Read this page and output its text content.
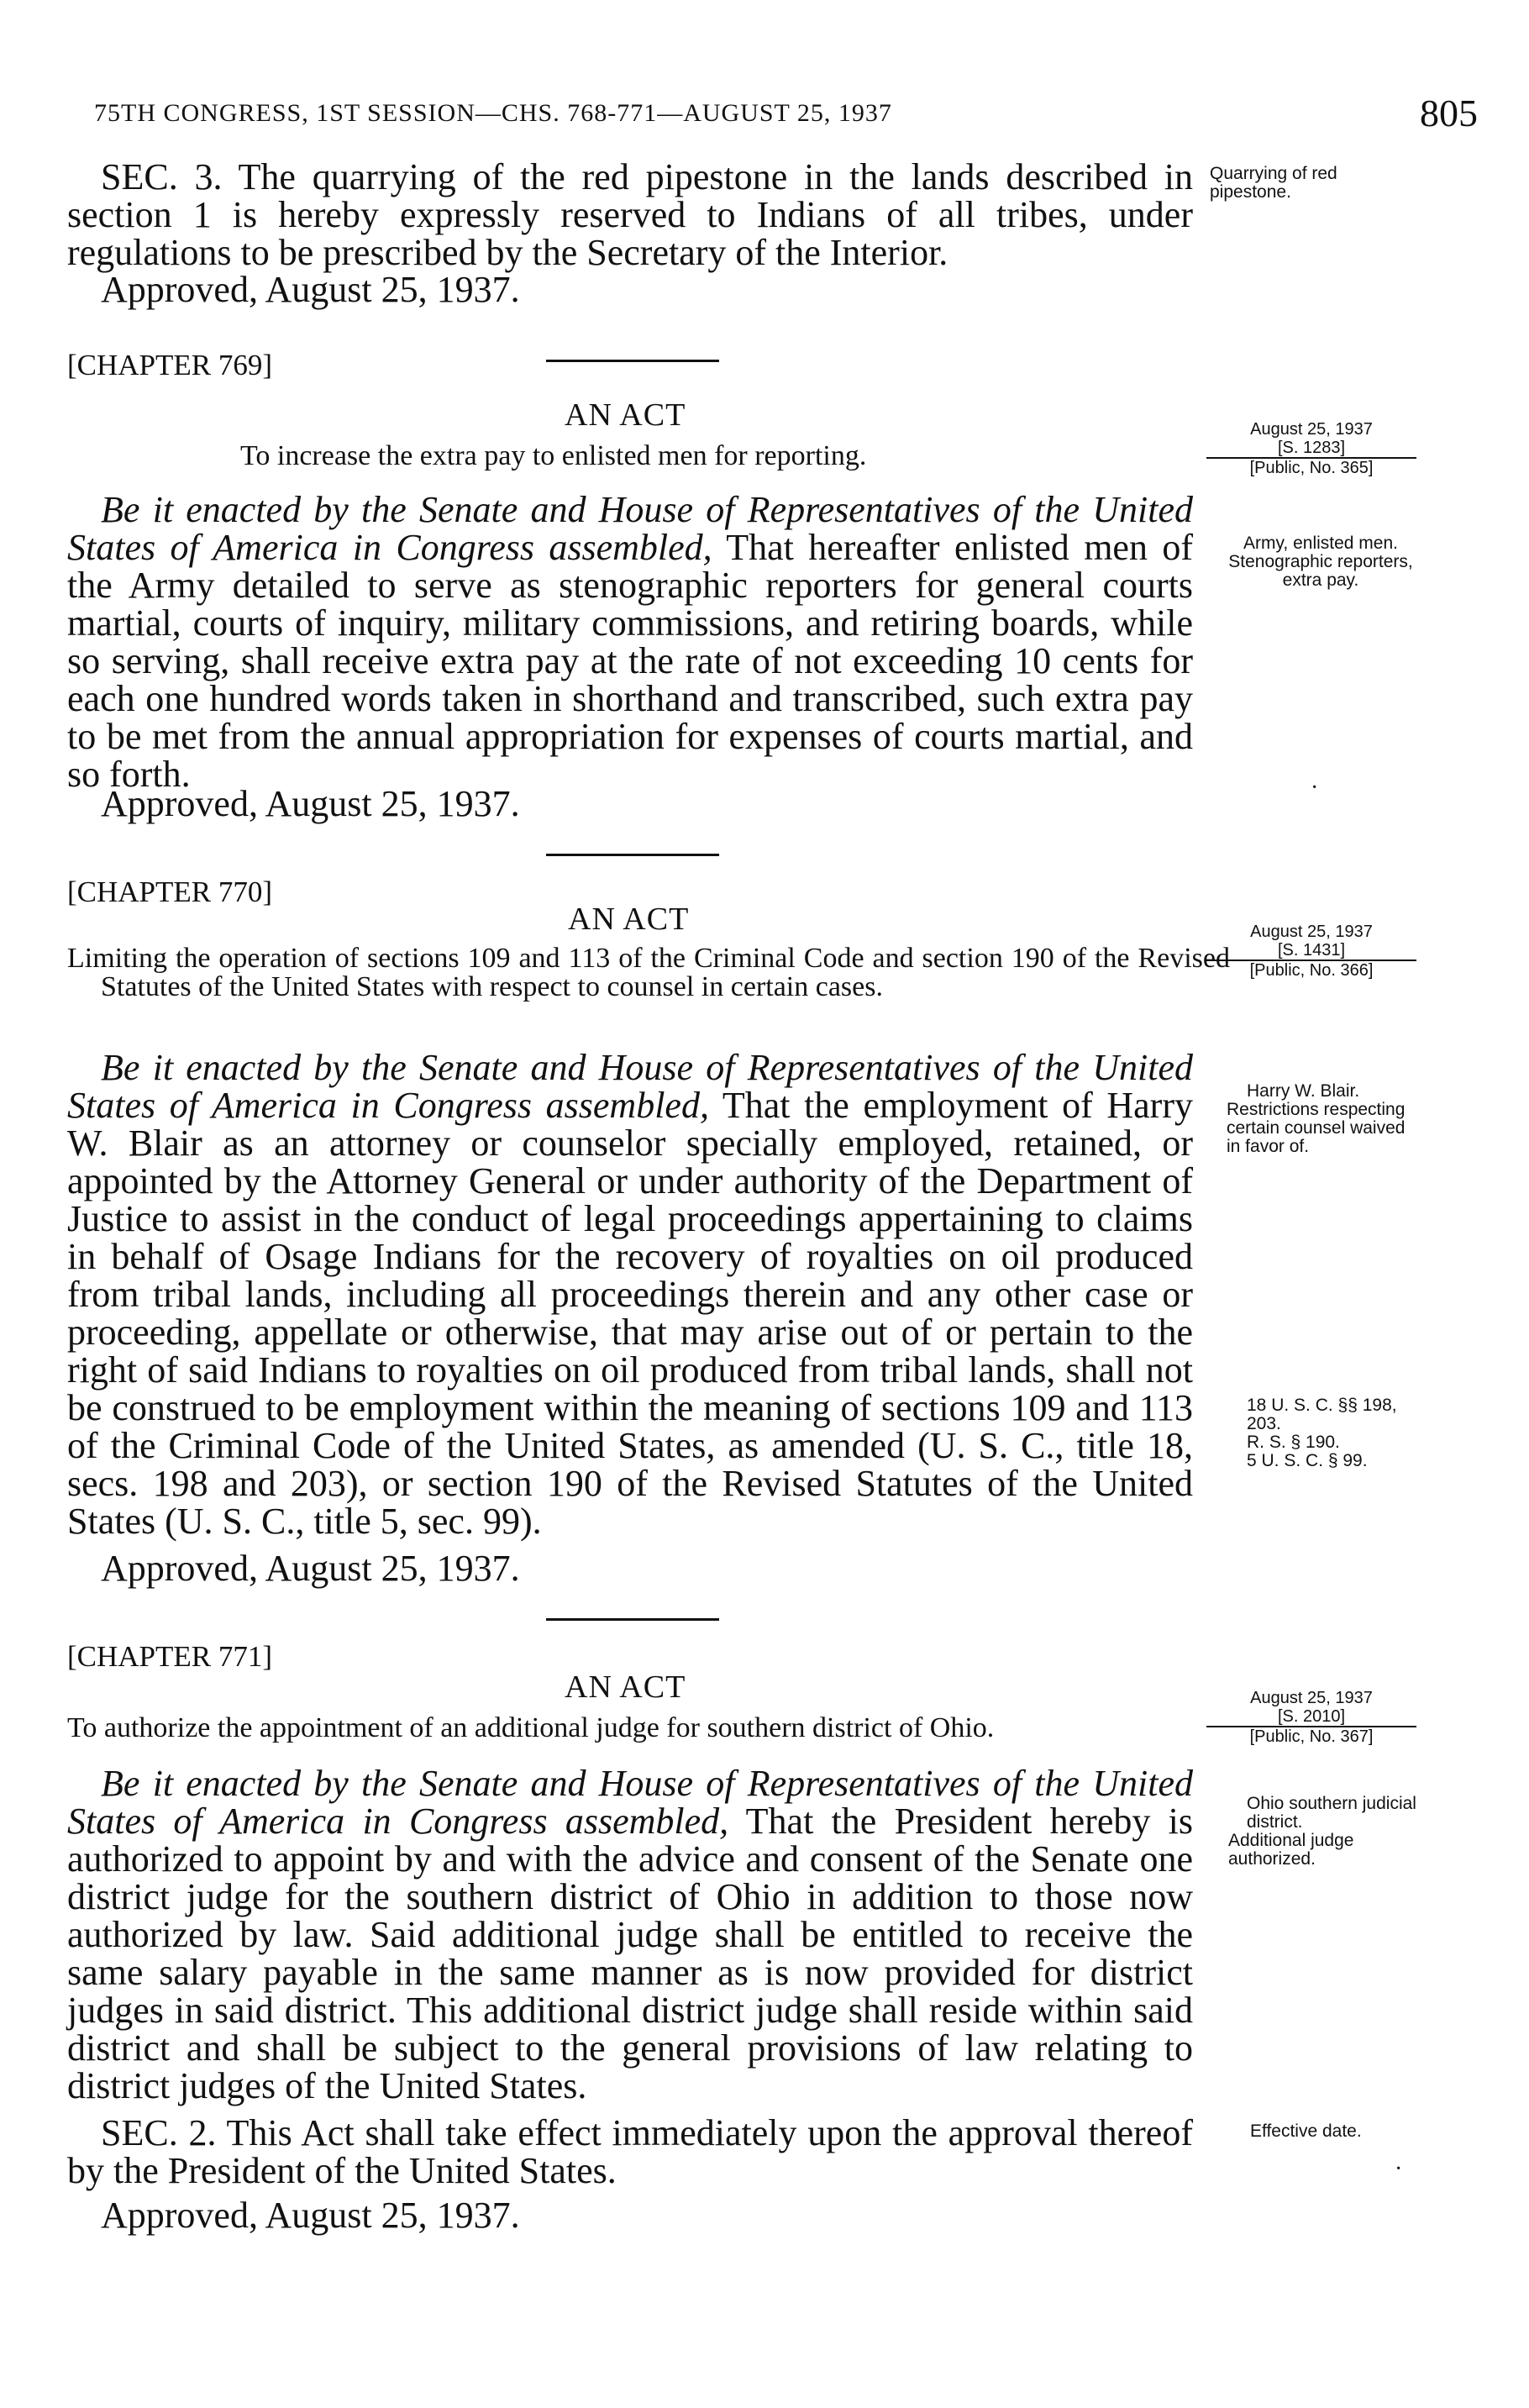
75TH CONGRESS, 1ST SESSION—CHS. 768-771—AUGUST 25, 1937	805

SEC. 3. The quarrying of the red pipestone in the lands described in section 1 is hereby expressly reserved to Indians of all tribes, under regulations to be prescribed by the Secretary of the Interior.

Approved, August 25, 1937.
Quarrying of red pipestone.
[CHAPTER 769]
AN ACT

To increase the extra pay to enlisted men for reporting.

August 25, 1937
[S. 1283]
[Public, No. 365]

Be it enacted by the Senate and House of Representatives of the United States of America in Congress assembled, That hereafter enlisted men of the Army detailed to serve as stenographic reporters for general courts martial, courts of inquiry, military commissions, and retiring boards, while so serving, shall receive extra pay at the rate of not exceeding 10 cents for each one hundred words taken in shorthand and transcribed, such extra pay to be met from the annual appropriation for expenses of courts martial, and so forth.

Approved, August 25, 1937.
Army, enlisted men.
Stenographic reporters, extra pay.
·
[CHAPTER 770]
AN ACT

Limiting the operation of sections 109 and 113 of the Criminal Code and section 190 of the Revised Statutes of the United States with respect to counsel in certain cases.

August 25, 1937
[S. 1431]
[Public, No. 366]

Be it enacted by the Senate and House of Representatives of the United States of America in Congress assembled, That the employment of Harry W. Blair as an attorney or counselor specially employed, retained, or appointed by the Attorney General or under authority of the Department of Justice to assist in the conduct of legal proceedings appertaining to claims in behalf of Osage Indians for the recovery of royalties on oil produced from tribal lands, including all proceedings therein and any other case or proceeding, appellate or otherwise, that may arise out of or pertain to the right of said Indians to royalties on oil produced from tribal lands, shall not be construed to be employment within the meaning of sections 109 and 113 of the Criminal Code of the United States, as amended (U. S. C., title 18, secs. 198 and 203), or section 190 of the Revised Statutes of the United States (U. S. C., title 5, sec. 99).

Approved, August 25, 1937.
Harry W. Blair.
Restrictions respecting certain counsel waived in favor of.
18 U. S. C. §§ 198, 203.
R. S. § 190.
5 U. S. C. § 99.
[CHAPTER 771]
AN ACT

To authorize the appointment of an additional judge for southern district of Ohio.

August 25, 1937
[S. 2010]
[Public, No. 367]

Be it enacted by the Senate and House of Representatives of the United States of America in Congress assembled, That the President hereby is authorized to appoint by and with the advice and consent of the Senate one district judge for the southern district of Ohio in addition to those now authorized by law. Said additional judge shall be entitled to receive the same salary payable in the same manner as is now provided for district judges in said district. This additional district judge shall reside within said district and shall be subject to the general provisions of law relating to district judges of the United States.

SEC. 2. This Act shall take effect immediately upon the approval thereof by the President of the United States.

Approved, August 25, 1937.
Ohio southern judicial district.
Additional judge authorized.
Effective date.
·
